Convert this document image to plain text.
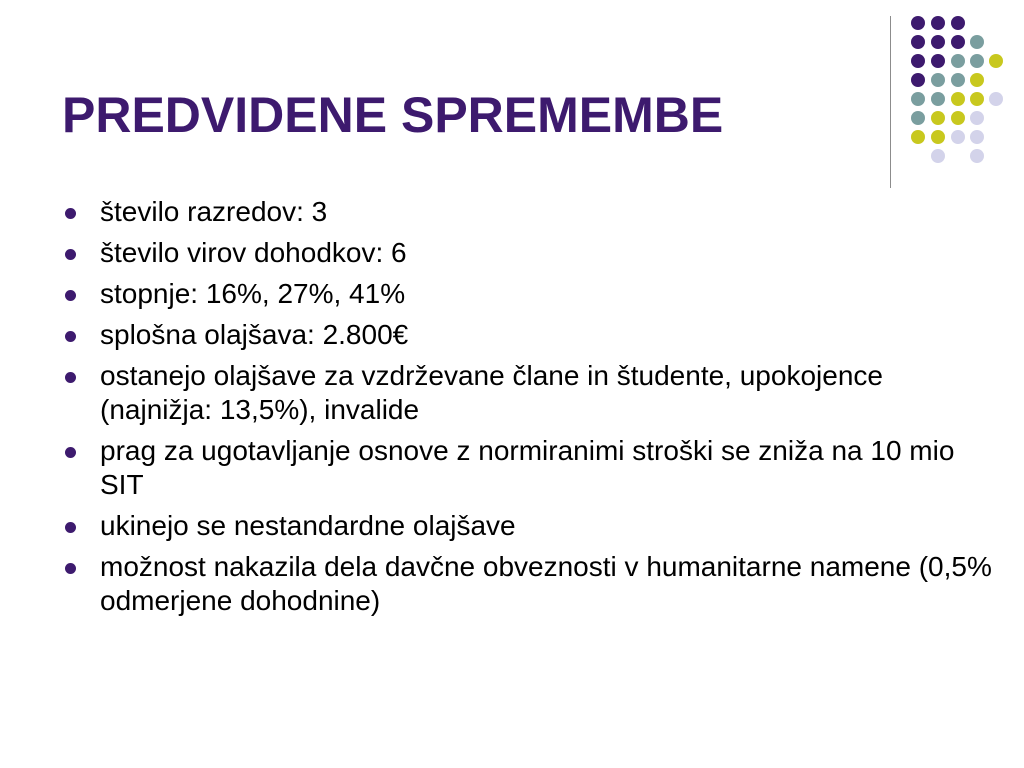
PREDVIDENE SPREMEMBE
število razredov: 3
število virov dohodkov: 6
stopnje: 16%, 27%, 41%
splošna olajšava: 2.800€
ostanejo olajšave za vzdrževane člane in študente, upokojence (najnižja: 13,5%), invalide
prag za ugotavljanje osnove z normiranimi stroški se zniža na 10 mio SIT
ukinejo se nestandardne olajšave
možnost nakazila dela davčne obveznosti v humanitarne namene (0,5% odmerjene dohodnine)
